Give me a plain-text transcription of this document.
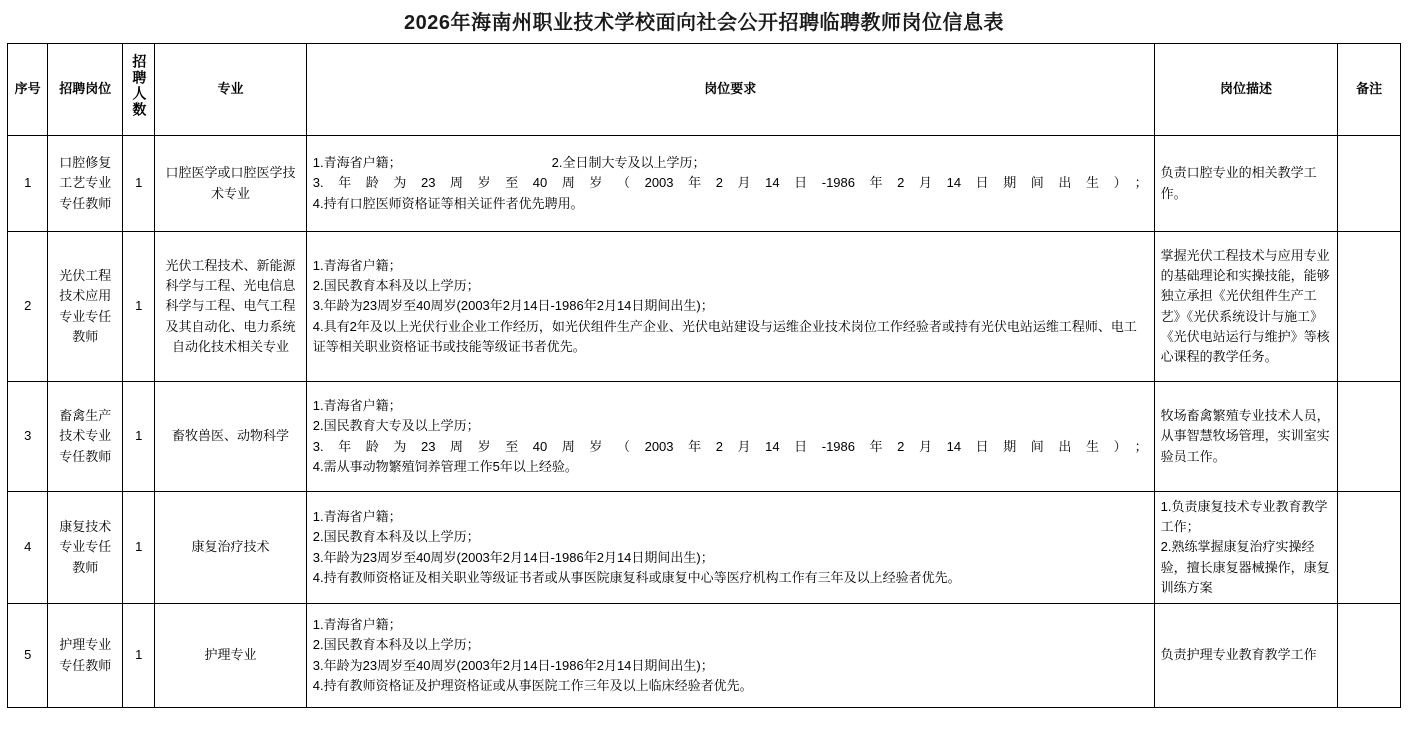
2026年海南州职业技术学校面向社会公开招聘临聘教师岗位信息表
序号	招聘岗位	招聘人数	专业	岗位要求	岗位描述	备注
1	口腔修复工艺专业专任教师	1	口腔医学或口腔医学技术专业	1.青海省户籍； 2.全日制大专及以上学历；
3.年龄为23周岁至40周岁（2003年2月14日-1986年2月14日期间出生）；
4.持有口腔医师资格证等相关证件者优先聘用。	负责口腔专业的相关教学工作。	
2	光伏工程技术应用专业专任教师	1	光伏工程技术、新能源科学与工程、光电信息科学与工程、电气工程及其自动化、电力系统自动化技术相关专业	1.青海省户籍；
2.国民教育本科及以上学历；
3.年龄为23周岁至40周岁(2003年2月14日-1986年2月14日期间出生)；
4.具有2年及以上光伏行业企业工作经历，如光伏组件生产企业、光伏电站建设与运维企业技术岗位工作经验者或持有光伏电站运维工程师、电工证等相关职业资格证书或技能等级证书者优先。	掌握光伏工程技术与应用专业的基础理论和实操技能，能够独立承担《光伏组件生产工艺》《光伏系统设计与施工》《光伏电站运行与维护》等核心课程的教学任务。	
3	畜禽生产技术专业专任教师	1	畜牧兽医、动物科学	1.青海省户籍；
2.国民教育大专及以上学历；
3.年龄为23周岁至40周岁（2003年2月14日-1986年2月14日期间出生）；
4.需从事动物繁殖饲养管理工作5年以上经验。	牧场畜禽繁殖专业技术人员，从事智慧牧场管理，实训室实验员工作。	
4	康复技术专业专任教师	1	康复治疗技术	1.青海省户籍；
2.国民教育本科及以上学历；
3.年龄为23周岁至40周岁(2003年2月14日-1986年2月14日期间出生)；
4.持有教师资格证及相关职业等级证书者或从事医院康复科或康复中心等医疗机构工作有三年及以上经验者优先。	1.负责康复技术专业教育教学工作；
2.熟练掌握康复治疗实操经验，擅长康复器械操作，康复训练方案	

5	护理专业专任教师	1	护理专业	1.青海省户籍；
2.国民教育本科及以上学历；
3.年龄为23周岁至40周岁(2003年2月14日-1986年2月14日期间出生)；
4.持有教师资格证及护理资格证或从事医院工作三年及以上临床经验者优先。	负责护理专业教育教学工作	
